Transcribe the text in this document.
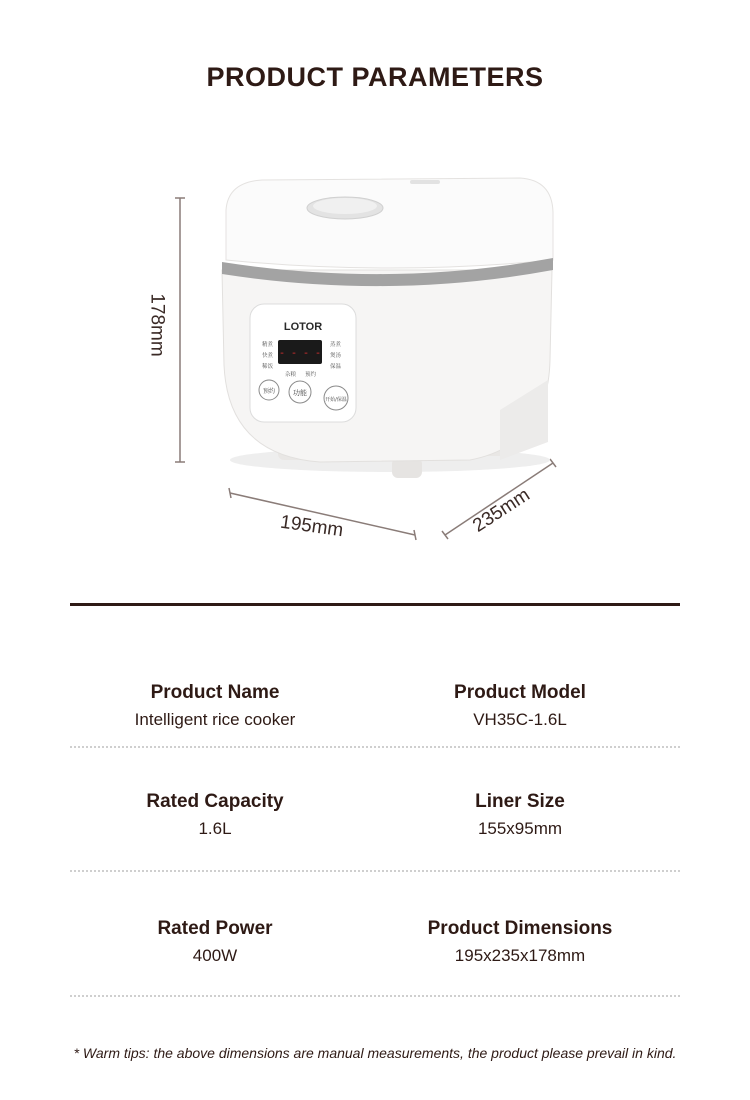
PRODUCT PARAMETERS
LOTOR
- - - -
精煮
快煮
稀饭
蒸煮
煲汤
保温
杂粮 预约
预约	功能
开始/保温
178mm
195mm	235mm
Product Name
Intelligent rice cooker
Product Model
VH35C-1.6L
Rated Capacity
1.6L
Liner Size
155x95mm
Rated Power
400W
Product Dimensions
195x235x178mm
* Warm tips: the above dimensions are manual measurements, the product please prevail in kind.
